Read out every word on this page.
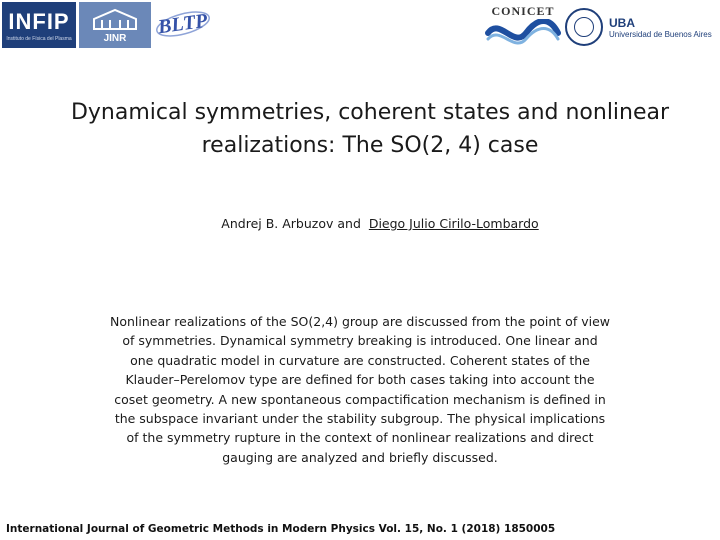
INFIP
Instituto de Física del Plasma	JINR
BLTP	CONICET
UBA
Universidad de Buenos Aires
Dynamical symmetries, coherent states and nonlinear realizations: The SO(2, 4) case
Andrej B. Arbuzov and Diego Julio Cirilo-Lombardo
Nonlinear realizations of the SO(2,4) group are discussed from the point of view of symmetries. Dynamical symmetry breaking is introduced. One linear and one quadratic model in curvature are constructed. Coherent states of the Klauder–Perelomov type are defined for both cases taking into account the coset geometry. A new spontaneous compactification mechanism is defined in the subspace invariant under the stability subgroup. The physical implications of the symmetry rupture in the context of nonlinear realizations and direct gauging are analyzed and briefly discussed.
International Journal of Geometric Methods in Modern Physics Vol. 15, No. 1 (2018) 1850005
